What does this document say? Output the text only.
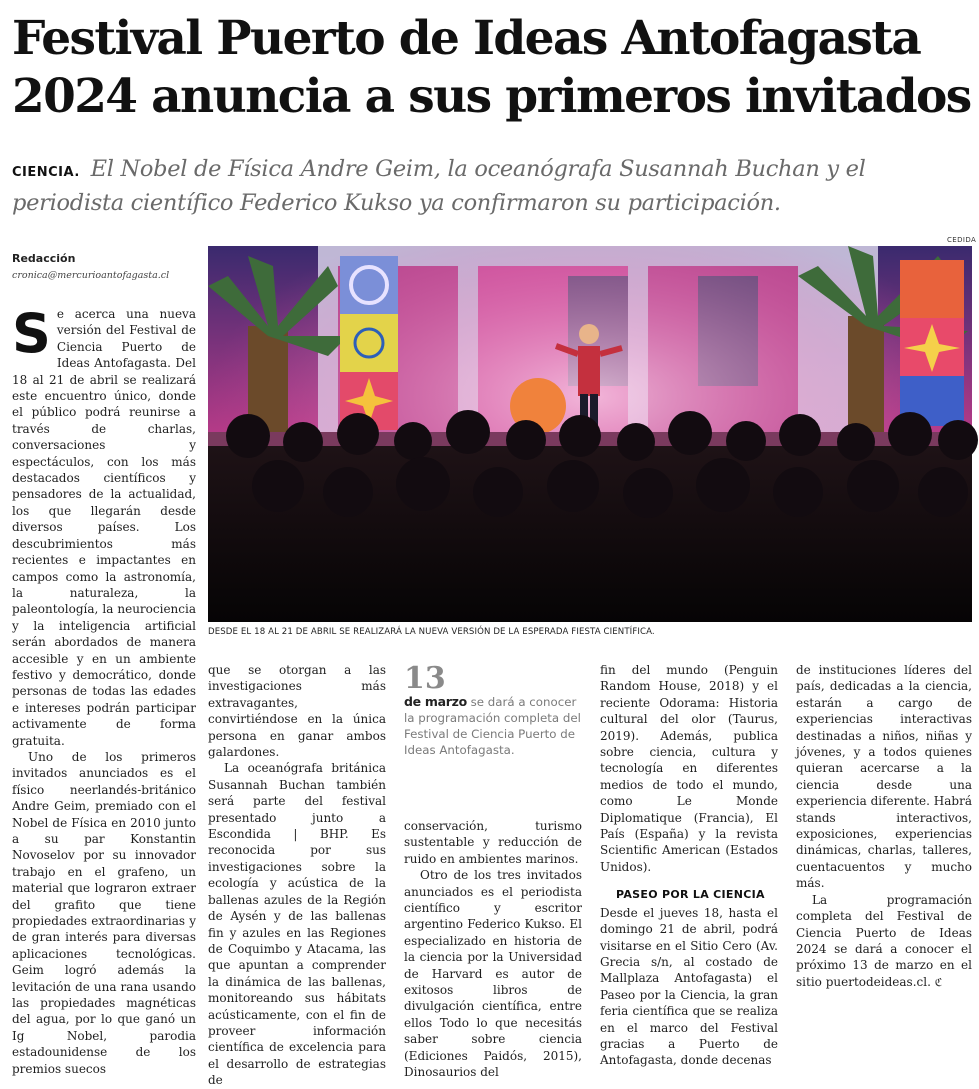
Festival Puerto de Ideas Antofagasta 2024 anuncia a sus primeros invitados
CIENCIA. El Nobel de Física Andre Geim, la oceanógrafa Susannah Buchan y el periodista científico Federico Kukso ya confirmaron su participación.
CEDIDA
Redacción
cronica@mercurioantofagasta.cl
DESDE EL 18 AL 21 DE ABRIL SE REALIZARÁ LA NUEVA VERSIÓN DE LA ESPERADA FIESTA CIENTÍFICA.

Se acerca una nueva versión del Festival de Ciencia Puerto de Ideas Antofagasta. Del 18 al 21 de abril se realizará este encuentro único, donde el público podrá reunirse a través de charlas, conversaciones y espectáculos, con los más destacados científicos y pensadores de la actualidad, los que llegarán desde diversos países. Los descubrimientos más recientes e impactantes en campos como la astronomía, la naturaleza, la paleontología, la neurociencia y la inteligencia artificial serán abordados de manera accesible y en un ambiente festivo y democrático, donde personas de todas las edades e intereses podrán participar activamente de forma gratuita.

Uno de los primeros invitados anunciados es el físico neerlandés-británico Andre Geim, premiado con el Nobel de Física en 2010 junto a su par Konstantin Novoselov por su innovador trabajo en el grafeno, un material que lograron extraer del grafito que tiene propiedades extraordinarias y de gran interés para diversas aplicaciones tecnológicas. Geim logró además la levitación de una rana usando las propiedades magnéticas del agua, por lo que ganó un Ig Nobel, parodia estadounidense de los premios suecos

que se otorgan a las investigaciones más extravagantes, convirtiéndose en la única persona en ganar ambos galardones.

La oceanógrafa británica Susannah Buchan también será parte del festival presentado junto a Escondida | BHP. Es reconocida por sus investigaciones sobre la ecología y acústica de la ballenas azules de la Región de Aysén y de las ballenas fin y azules en las Regiones de Coquimbo y Atacama, las que apuntan a comprender la dinámica de las ballenas, monitoreando sus hábitats acústicamente, con el fin de proveer información científica de excelencia para el desarrollo de estrategias de

13
de marzo se dará a conocer la programación completa del Festival de Ciencia Puerto de Ideas Antofagasta.

conservación, turismo sustentable y reducción de ruido en ambientes marinos.

Otro de los tres invitados anunciados es el periodista científico y escritor argentino Federico Kukso. El especializado en historia de la ciencia por la Universidad de Harvard es autor de exitosos libros de divulgación científica, entre ellos Todo lo que necesitás saber sobre ciencia (Ediciones Paidós, 2015), Dinosaurios del

fin del mundo (Penguin Random House, 2018) y el reciente Odorama: Historia cultural del olor (Taurus, 2019). Además, publica sobre ciencia, cultura y tecnología en diferentes medios de todo el mundo, como Le Monde Diplomatique (Francia), El País (España) y la revista Scientific American (Estados Unidos).

PASEO POR LA CIENCIA

Desde el jueves 18, hasta el domingo 21 de abril, podrá visitarse en el Sitio Cero (Av. Grecia s/n, al costado de Mallplaza Antofagasta) el Paseo por la Ciencia, la gran feria científica que se realiza en el marco del Festival gracias a Puerto de Antofagasta, donde decenas

de instituciones líderes del país, dedicadas a la ciencia, estarán a cargo de experiencias interactivas destinadas a niños, niñas y jóvenes, y a todos quienes quieran acercarse a la ciencia desde una experiencia diferente. Habrá stands interactivos, exposiciones, experiencias dinámicas, charlas, talleres, cuentacuentos y mucho más.

La programación completa del Festival de Ciencia Puerto de Ideas 2024 se dará a conocer el próximo 13 de marzo en el sitio puertodeideas.cl. ℭ
